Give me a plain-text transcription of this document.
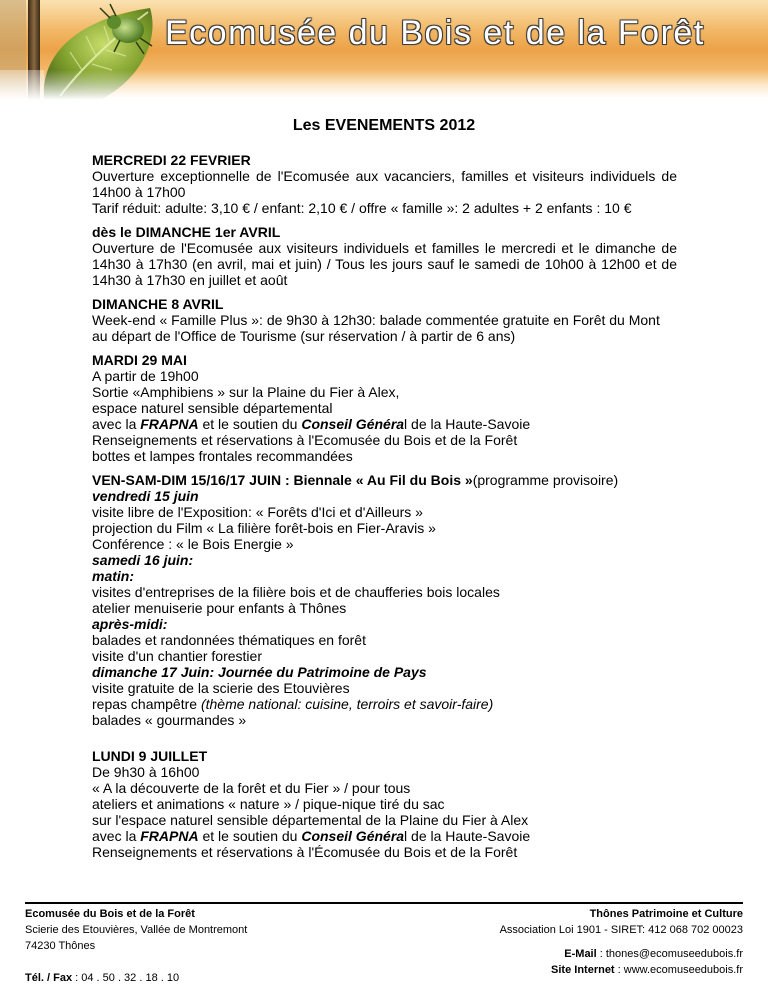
Ecomusée du Bois et de la Forêt
Les EVENEMENTS 2012
MERCREDI 22 FEVRIER
Ouverture exceptionnelle de l'Ecomusée aux vacanciers, familles et visiteurs individuels de 14h00 à 17h00
Tarif réduit: adulte: 3,10 € / enfant: 2,10 € / offre « famille »: 2 adultes + 2 enfants : 10 €
dès le DIMANCHE 1er AVRIL
Ouverture de l'Ecomusée aux visiteurs individuels et familles le mercredi et le dimanche de 14h30 à 17h30 (en avril, mai et juin) / Tous les jours sauf le samedi de 10h00 à 12h00 et de 14h30 à 17h30 en juillet et août
DIMANCHE 8 AVRIL
Week-end « Famille Plus »: de 9h30 à 12h30: balade commentée gratuite en Forêt du Mont au départ de l'Office de Tourisme (sur réservation / à partir de 6 ans)
MARDI 29 MAI
A partir de 19h00
Sortie «Amphibiens » sur la Plaine du Fier à Alex,
espace naturel sensible départemental
avec la FRAPNA et le soutien du Conseil Général de la Haute-Savoie
Renseignements et réservations à l'Ecomusée du Bois et de la Forêt
bottes et lampes frontales recommandées
VEN-SAM-DIM 15/16/17 JUIN : Biennale « Au Fil du Bois »(programme provisoire)
vendredi 15 juin
visite libre de l'Exposition: « Forêts d'Ici et d'Ailleurs »
projection du Film « La filière forêt-bois en Fier-Aravis »
Conférence : « le Bois Energie »
samedi 16 juin:
matin:
visites d'entreprises de la filière bois et de chaufferies bois locales
atelier menuiserie pour enfants à Thônes
après-midi:
balades et randonnées thématiques en forêt
visite d'un chantier forestier
dimanche 17 Juin: Journée du Patrimoine de Pays
visite gratuite de la scierie des Etouvières
repas champêtre (thème national: cuisine, terroirs et savoir-faire)
balades « gourmandes »
LUNDI 9 JUILLET
De 9h30 à 16h00
« A la découverte de la forêt et du Fier » / pour tous
ateliers et animations « nature » / pique-nique tiré du sac
sur l'espace naturel sensible départemental de la Plaine du Fier à Alex
avec la FRAPNA et le soutien du Conseil Général de la Haute-Savoie
Renseignements et réservations à l'Écomusée du Bois et de la Forêt
Ecomusée du Bois et de la Forêt
Scierie des Etouvières, Vallée de Montremont
74230 Thônes
Tél. / Fax : 04 . 50 . 32 . 18 . 10
Thônes Patrimoine et Culture
Association Loi 1901 - SIRET: 412 068 702 00023
E-Mail : thones@ecomuseedubois.fr
Site Internet : www.ecomuseedubois.fr
